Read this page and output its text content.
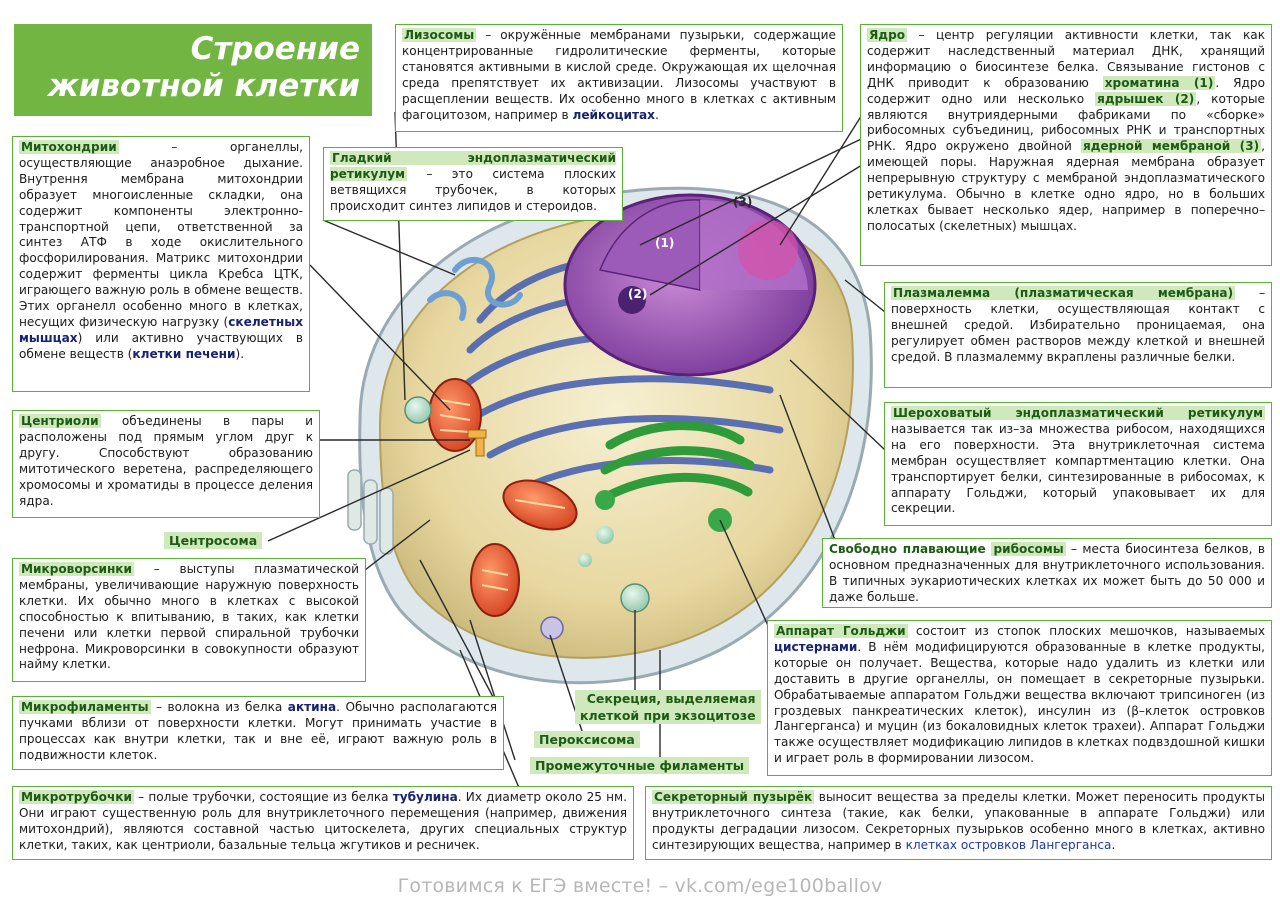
Строение
животной клетки
(1)
(2)
(3)
Лизосомы – окружённые мембранами пузырьки, содержащие концентрированные гидролитические ферменты, которые становятся активными в кислой среде. Окружающая их щелочная среда препятствует их активизации. Лизосомы участвуют в расщеплении веществ. Их особенно много в клетках с активным фагоцитозом, например в лейкоцитах.
Ядро – центр регуляции активности клетки, так как содержит наследственный материал ДНК, хранящий информацию о биосинтезе белка. Связывание гистонов с ДНК приводит к образованию хроматина (1) . Ядро содержит одно или несколько ядрышек (2) , которые являются внутриядерными фабриками по «сборке» рибосомных субъединиц, рибосомных РНК и транспортных РНК. Ядро окружено двойной ядерной мембраной (3) , имеющей поры. Наружная ядерная мембрана образует непрерывную структуру с мембраной эндоплазматического ретикулума. Обычно в клетке одно ядро, но в больших клетках бывает несколько ядер, например в поперечно–полосатых (скелетных) мышцах.
Митохондрии – органеллы, осуществляющие анаэробное дыхание. Внутрення мембрана митохондрии образует многоисленные складки, она содержит компоненты электронно-транспортной цепи, ответственной за синтез АТФ в ходе окислительного фосфорилирования. Матрикс митохондрии содержит ферменты цикла Кребса ЦТК, играющего важную роль в обмене веществ. Этих органелл особенно много в клетках, несущих физическую нагрузку (скелетных мышцах) или активно участвующих в обмене веществ (клетки печени).
Гладкий эндоплазматический ретикулум – это система плоских ветвящихся трубочек, в которых происходит синтез липидов и стероидов.
Плазмалемма (плазматическая мембрана) – поверхность клетки, осуществляющая контакт с внешней средой. Избирательно проницаемая, она регулирует обмен растворов между клеткой и внешней средой. В плазмалемму вкраплены различные белки.
Центриоли объединены в пары и расположены под прямым углом друг к другу. Способствуют образованию митотического веретена, распределяющего хромосомы и хроматиды в процессе деления ядра.
Шероховатый эндоплазматический ретикулум называется так из–за множества рибосом, находящихся на его поверхности. Эта внутриклеточная система мембран осуществляет компартментацию клетки. Она транспортирует белки, синтезированные в рибосомах, к аппарату Гольджи, который упаковывает их для секреции.
Центросома
Микроворсинки – выступы плазматической мембраны, увеличивающие наружную поверхность клетки. Их обычно много в клетках с высокой способностью к впитыванию, в таких, как клетки печени или клетки первой спиральной трубочки нефрона. Микроворсинки в совокупности образуют найму клетки.
Свободно плавающие рибосомы – места биосинтеза белков, в основном предназначенных для внутриклеточного использования. В типичных эукариотических клетках их может быть до 50 000 и даже больше.
Аппарат Гольджи состоит из стопок плоских мешочков, называемых цистернами. В нём модифицируются образованные в клетке продукты, которые он получает. Вещества, которые надо удалить из клетки или доставить в другие органеллы, он помещает в секреторные пузырьки. Обрабатываемые аппаратом Гольджи вещества включают трипсиноген (из гроздевых панкреатических клеток), инсулин из (β–клеток островков Лангерганса) и муцин (из бокаловидных клеток трахеи). Аппарат Гольджи также осуществляет модификацию липидов в клетках подвздошной кишки и играет роль в формировании лизосом.
Секреция, выделяемая
клеткой при экзоцитозе
Микрофиламенты – волокна из белка актина. Обычно располагаются пучками вблизи от поверхности клетки. Могут принимать участие в процессах как внутри клетки, так и вне её, играют важную роль в подвижности клеток.
Пероксисома
Промежуточные филаменты
Микротрубочки – полые трубочки, состоящие из белка тубулина. Их диаметр около 25 нм. Они играют существенную роль для внутриклеточного перемещения (например, движения митохондрий), являются составной частью цитоскелета, других специальных структур клетки, таких, как центриоли, базальные тельца жгутиков и ресничек.
Секреторный пузырёк выносит вещества за пределы клетки. Может переносить продукты внутриклеточного синтеза (такие, как белки, упакованные в аппарате Гольджи) или продукты деградации лизосом. Секреторных пузырьков особенно много в клетках, активно синтезирующих вещества, например в клетках островков Лангерганса.
Готовимся к ЕГЭ вместе! – vk.com/ege100ballov
